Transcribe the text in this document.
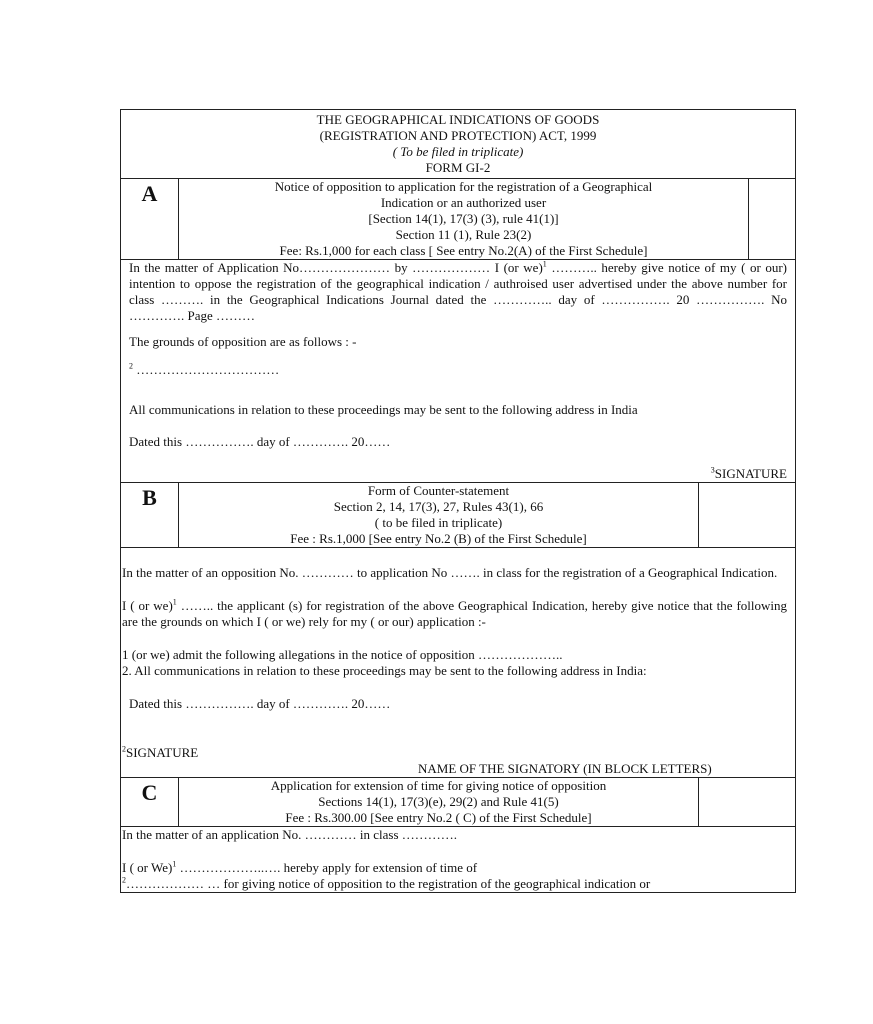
THE GEOGRAPHICAL INDICATIONS OF GOODS
(REGISTRATION AND PROTECTION) ACT, 1999
( To be filed in triplicate)
FORM GI-2
A	Notice of opposition to application for the registration of a Geographical
Indication or an authorized user
[Section 14(1), 17(3) (3), rule 41(1)]
Section 11 (1), Rule 23(2)
Fee: Rs.1,000 for each class [ See entry No.2(A) of the First Schedule]

In the matter of Application No………………… by ……………… I (or we)$^1$ ……….. hereby give notice of my ( or our) intention to oppose the registration of the geographical indication / authroised user advertised under the above number for class ………. in the Geographical Indications Journal dated the ………….. day of ……………. 20 ……………. No …………. Page ………

The grounds of opposition are as follows : -

$^2$ ……………………………

All communications in relation to these proceedings may be sent to the following address in India

Dated this ……………. day of …………. 20……

$^3$SIGNATURE

B	Form of Counter-statement
Section 2, 14, 17(3), 27, Rules 43(1), 66
( to be filed in triplicate)
Fee : Rs.1,000 [See entry No.2 (B) of the First Schedule]

In the matter of an opposition No. ………… to application No ……. in class for the registration of a Geographical Indication.

I ( or we)$^1$ …….. the applicant (s) for registration of the above Geographical Indication, hereby give notice that the following are the grounds on which I ( or we) rely for my ( or our) application :-

1 (or we) admit the following allegations in the notice of opposition ………………..

2. All communications in relation to these proceedings may be sent to the following address in India:

Dated this ……………. day of …………. 20……

$^2$SIGNATURE

NAME OF THE SIGNATORY (IN BLOCK LETTERS)

C	Application for extension of time for giving notice of opposition
Sections 14(1), 17(3)(e), 29(2) and Rule 41(5)
Fee : Rs.300.00 [See entry No.2 ( C) of the First Schedule]

In the matter of an application No. ………… in class ………….

I ( or We)$^1$ ………………..…. hereby apply for extension of time of

$^2$……………… … for giving notice of opposition to the registration of the geographical indication or
